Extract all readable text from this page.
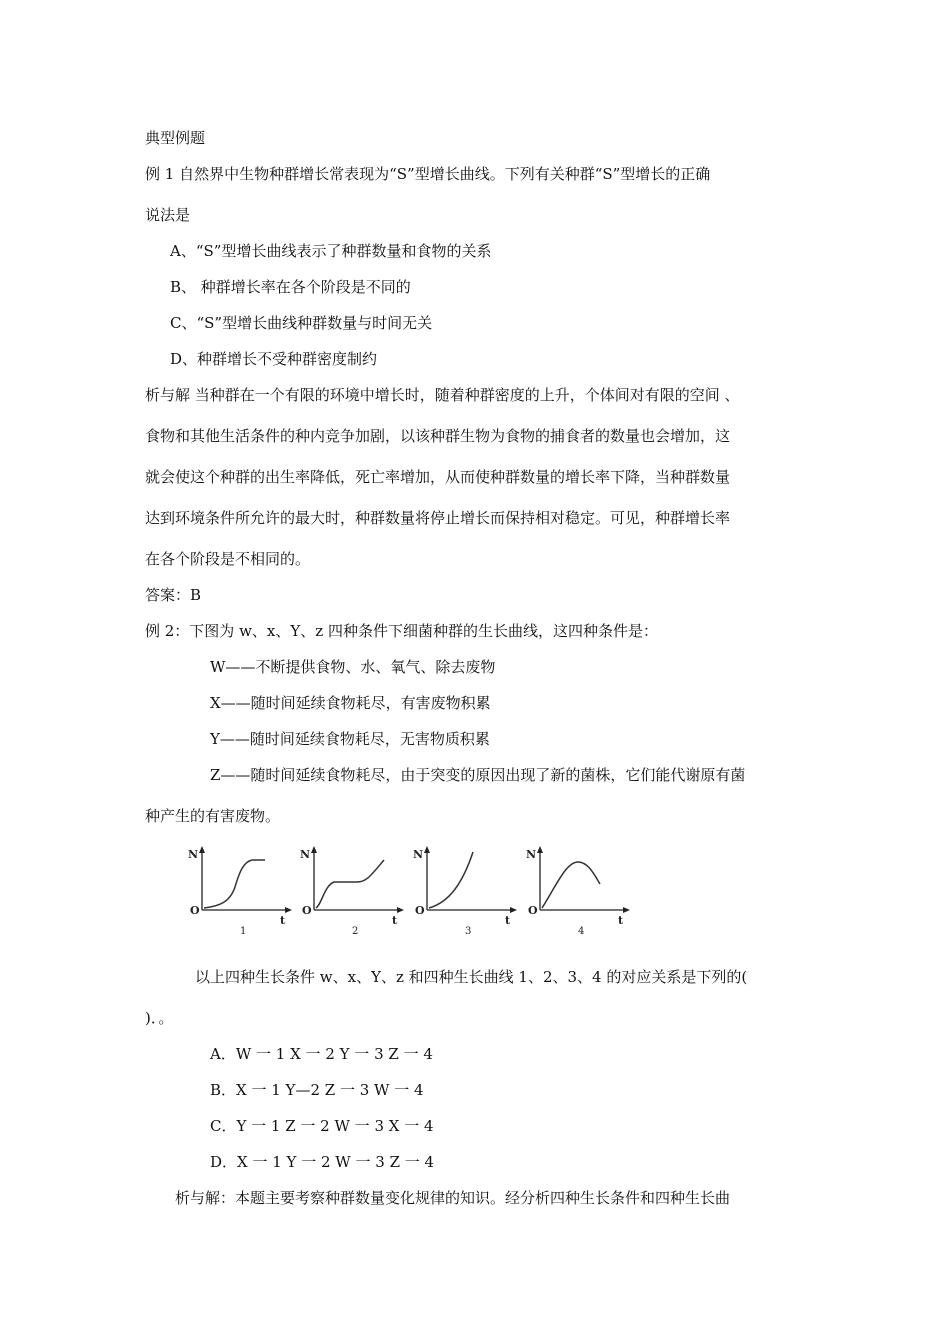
典型例题
例 1 自然界中生物种群增长常表现为“S”型增长曲线。下列有关种群“S”型增长的正确
说法是
A、“S”型增长曲线表示了种群数量和食物的关系
B、 种群增长率在各个阶段是不同的
C、“S”型增长曲线种群数量与时间无关
D、种群增长不受种群密度制约
析与解 当种群在一个有限的环境中增长时，随着种群密度的上升，个体间对有限的空间 、
食物和其他生活条件的种内竞争加剧，以该种群生物为食物的捕食者的数量也会增加，这
就会使这个种群的出生率降低，死亡率增加，从而使种群数量的增长率下降，当种群数量
达到环境条件所允许的最大时，种群数量将停止增长而保持相对稳定。可见，种群增长率
在各个阶段是不相同的。
答案：B
例 2：下图为 w、x、Y、z 四种条件下细菌种群的生长曲线，这四种条件是：
W——不断提供食物、水、氧气、除去废物
X——随时间延续食物耗尽，有害废物积累
Y——随时间延续食物耗尽，无害物质积累
Z——随时间延续食物耗尽，由于突变的原因出现了新的菌株，它们能代谢原有菌
种产生的有害废物。
N
O
t
1
N
O
t
2
N
O
t
3
N
O
t
4
以上四种生长条件 w、x、Y、z 和四种生长曲线 1、2、3、4 的对应关系是下列的(
)．。
A．W 一 1 X 一 2 Y 一 3 Z 一 4
B．X 一 1 Y—2 Z 一 3 W 一 4
C．Y 一 1 Z 一 2 W 一 3 X 一 4
D．X 一 1 Y 一 2 W 一 3 Z 一 4
析与解：本题主要考察种群数量变化规律的知识。经分析四种生长条件和四种生长曲
